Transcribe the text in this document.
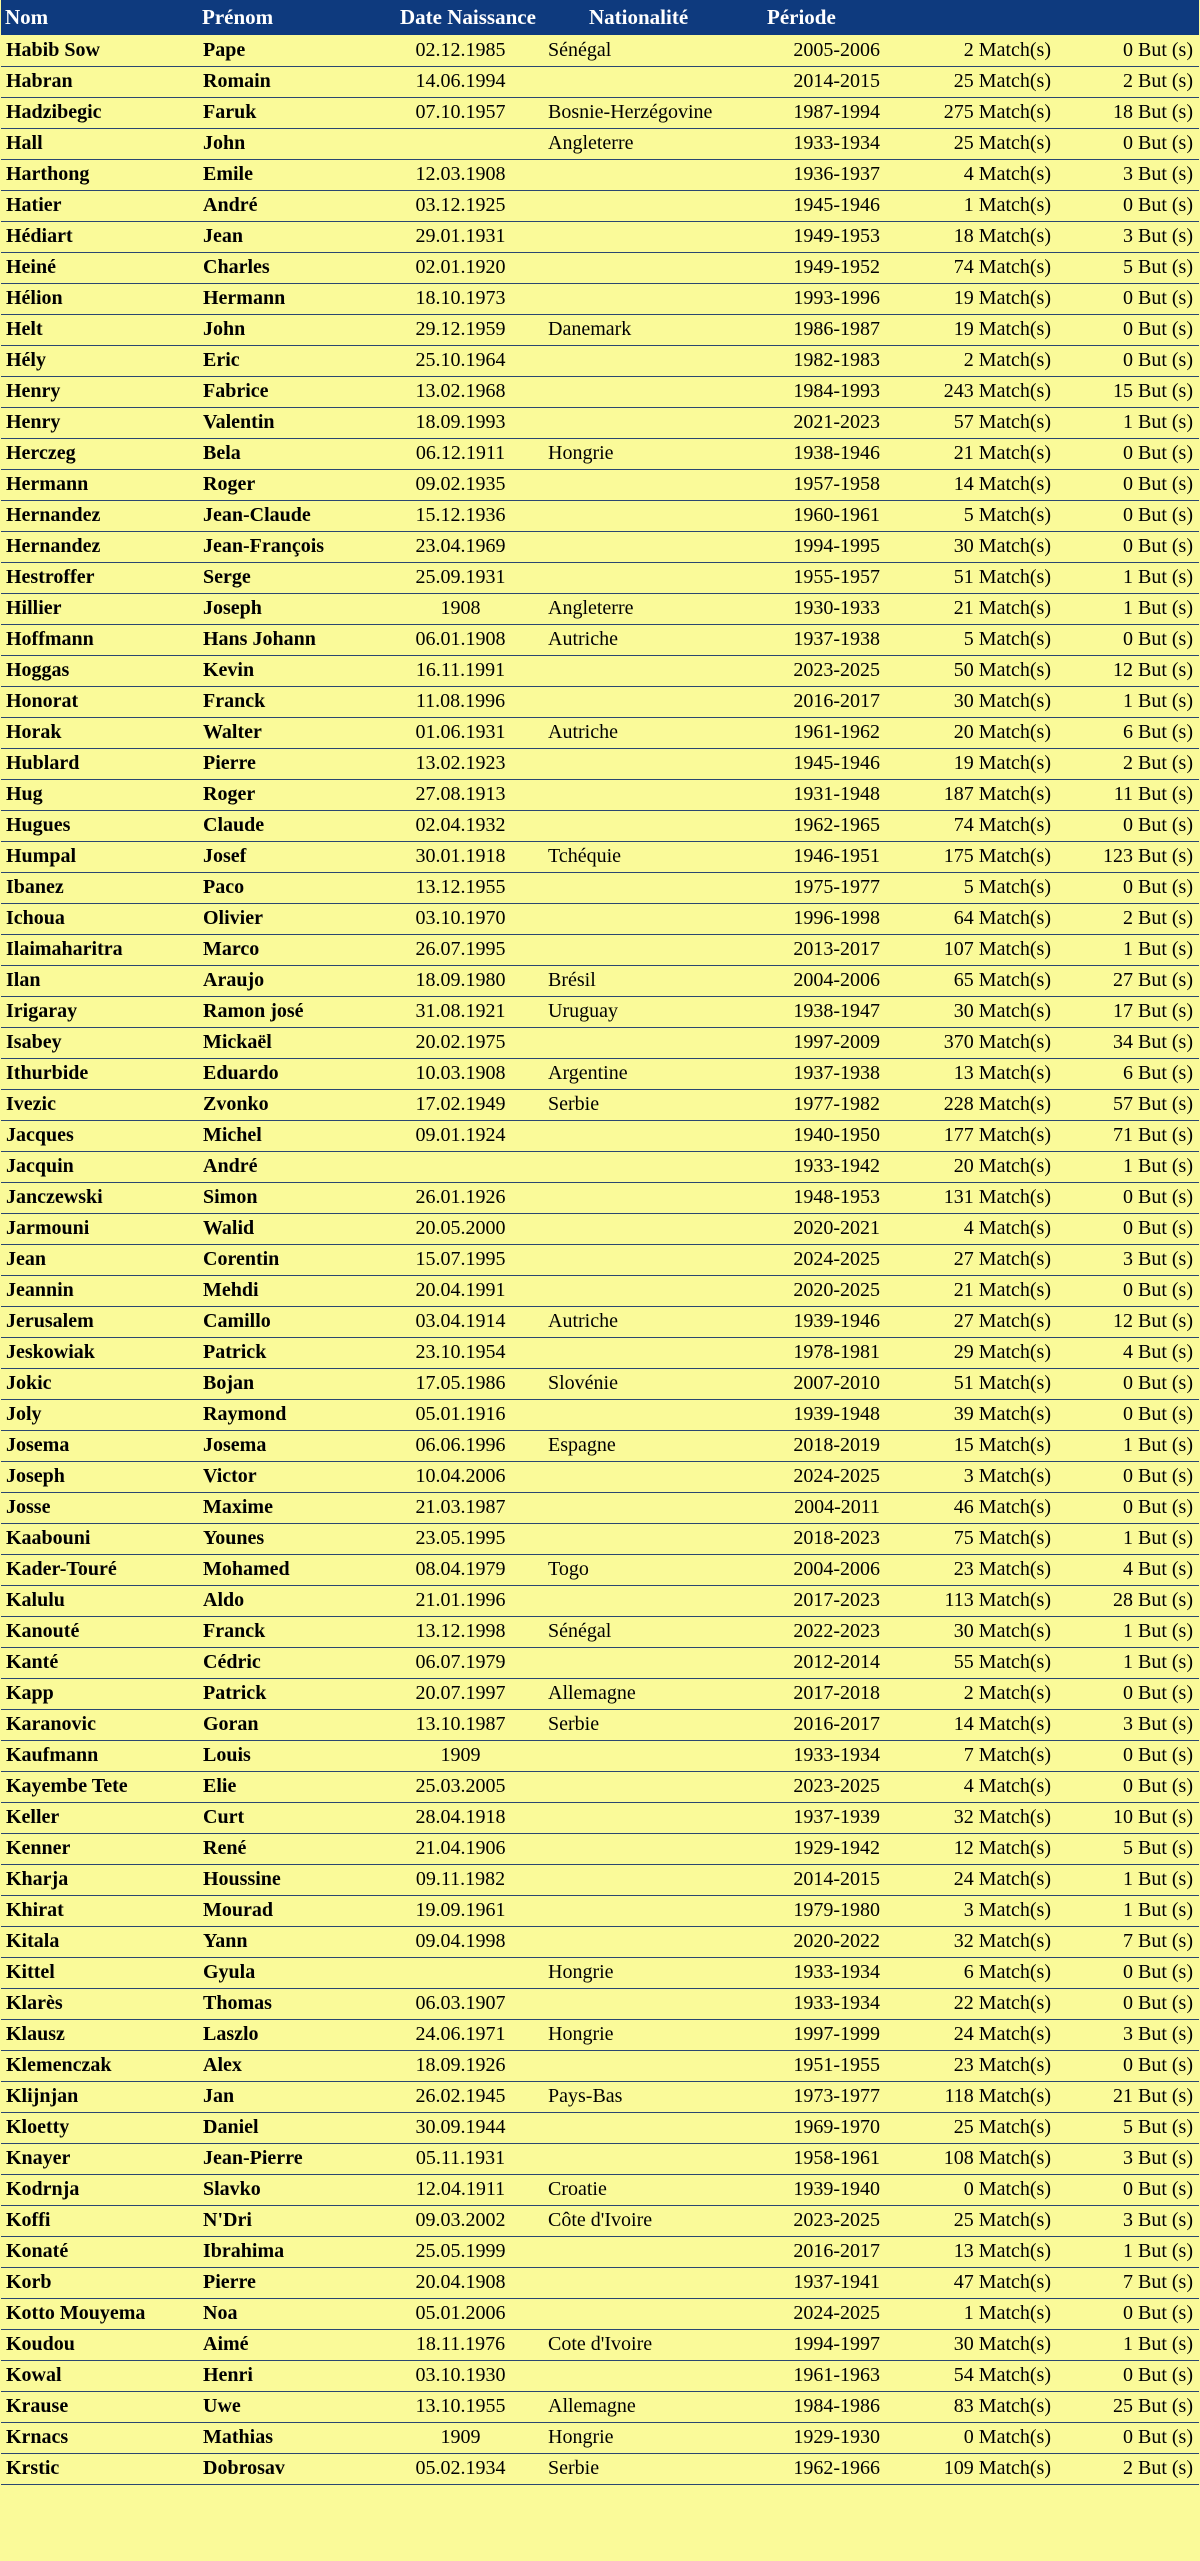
Nom	Prénom	Date Naissance	Nationalité	Période		
Habib Sow	Pape	02.12.1985	Sénégal	2005-2006	2 Match(s)	0 But (s)
Habran	Romain	14.06.1994		2014-2015	25 Match(s)	2 But (s)
Hadzibegic	Faruk	07.10.1957	Bosnie-Herzégovine	1987-1994	275 Match(s)	18 But (s)
Hall	John		Angleterre	1933-1934	25 Match(s)	0 But (s)
Harthong	Emile	12.03.1908		1936-1937	4 Match(s)	3 But (s)
Hatier	André	03.12.1925		1945-1946	1 Match(s)	0 But (s)
Hédiart	Jean	29.01.1931		1949-1953	18 Match(s)	3 But (s)
Heiné	Charles	02.01.1920		1949-1952	74 Match(s)	5 But (s)
Hélion	Hermann	18.10.1973		1993-1996	19 Match(s)	0 But (s)
Helt	John	29.12.1959	Danemark	1986-1987	19 Match(s)	0 But (s)
Hély	Eric	25.10.1964		1982-1983	2 Match(s)	0 But (s)
Henry	Fabrice	13.02.1968		1984-1993	243 Match(s)	15 But (s)
Henry	Valentin	18.09.1993		2021-2023	57 Match(s)	1 But (s)
Herczeg	Bela	06.12.1911	Hongrie	1938-1946	21 Match(s)	0 But (s)
Hermann	Roger	09.02.1935		1957-1958	14 Match(s)	0 But (s)
Hernandez	Jean-Claude	15.12.1936		1960-1961	5 Match(s)	0 But (s)
Hernandez	Jean-François	23.04.1969		1994-1995	30 Match(s)	0 But (s)
Hestroffer	Serge	25.09.1931		1955-1957	51 Match(s)	1 But (s)
Hillier	Joseph	1908	Angleterre	1930-1933	21 Match(s)	1 But (s)
Hoffmann	Hans Johann	06.01.1908	Autriche	1937-1938	5 Match(s)	0 But (s)
Hoggas	Kevin	16.11.1991		2023-2025	50 Match(s)	12 But (s)
Honorat	Franck	11.08.1996		2016-2017	30 Match(s)	1 But (s)
Horak	Walter	01.06.1931	Autriche	1961-1962	20 Match(s)	6 But (s)
Hublard	Pierre	13.02.1923		1945-1946	19 Match(s)	2 But (s)
Hug	Roger	27.08.1913		1931-1948	187 Match(s)	11 But (s)
Hugues	Claude	02.04.1932		1962-1965	74 Match(s)	0 But (s)
Humpal	Josef	30.01.1918	Tchéquie	1946-1951	175 Match(s)	123 But (s)
Ibanez	Paco	13.12.1955		1975-1977	5 Match(s)	0 But (s)
Ichoua	Olivier	03.10.1970		1996-1998	64 Match(s)	2 But (s)
Ilaimaharitra	Marco	26.07.1995		2013-2017	107 Match(s)	1 But (s)
Ilan	Araujo	18.09.1980	Brésil	2004-2006	65 Match(s)	27 But (s)
Irigaray	Ramon josé	31.08.1921	Uruguay	1938-1947	30 Match(s)	17 But (s)
Isabey	Mickaël	20.02.1975		1997-2009	370 Match(s)	34 But (s)
Ithurbide	Eduardo	10.03.1908	Argentine	1937-1938	13 Match(s)	6 But (s)
Ivezic	Zvonko	17.02.1949	Serbie	1977-1982	228 Match(s)	57 But (s)
Jacques	Michel	09.01.1924		1940-1950	177 Match(s)	71 But (s)
Jacquin	André			1933-1942	20 Match(s)	1 But (s)
Janczewski	Simon	26.01.1926		1948-1953	131 Match(s)	0 But (s)
Jarmouni	Walid	20.05.2000		2020-2021	4 Match(s)	0 But (s)
Jean	Corentin	15.07.1995		2024-2025	27 Match(s)	3 But (s)
Jeannin	Mehdi	20.04.1991		2020-2025	21 Match(s)	0 But (s)
Jerusalem	Camillo	03.04.1914	Autriche	1939-1946	27 Match(s)	12 But (s)
Jeskowiak	Patrick	23.10.1954		1978-1981	29 Match(s)	4 But (s)
Jokic	Bojan	17.05.1986	Slovénie	2007-2010	51 Match(s)	0 But (s)
Joly	Raymond	05.01.1916		1939-1948	39 Match(s)	0 But (s)
Josema	Josema	06.06.1996	Espagne	2018-2019	15 Match(s)	1 But (s)
Joseph	Victor	10.04.2006		2024-2025	3 Match(s)	0 But (s)
Josse	Maxime	21.03.1987		2004-2011	46 Match(s)	0 But (s)
Kaabouni	Younes	23.05.1995		2018-2023	75 Match(s)	1 But (s)
Kader-Touré	Mohamed	08.04.1979	Togo	2004-2006	23 Match(s)	4 But (s)
Kalulu	Aldo	21.01.1996		2017-2023	113 Match(s)	28 But (s)
Kanouté	Franck	13.12.1998	Sénégal	2022-2023	30 Match(s)	1 But (s)
Kanté	Cédric	06.07.1979		2012-2014	55 Match(s)	1 But (s)
Kapp	Patrick	20.07.1997	Allemagne	2017-2018	2 Match(s)	0 But (s)
Karanovic	Goran	13.10.1987	Serbie	2016-2017	14 Match(s)	3 But (s)
Kaufmann	Louis	1909		1933-1934	7 Match(s)	0 But (s)
Kayembe Tete	Elie	25.03.2005		2023-2025	4 Match(s)	0 But (s)
Keller	Curt	28.04.1918		1937-1939	32 Match(s)	10 But (s)
Kenner	René	21.04.1906		1929-1942	12 Match(s)	5 But (s)
Kharja	Houssine	09.11.1982		2014-2015	24 Match(s)	1 But (s)
Khirat	Mourad	19.09.1961		1979-1980	3 Match(s)	1 But (s)
Kitala	Yann	09.04.1998		2020-2022	32 Match(s)	7 But (s)
Kittel	Gyula		Hongrie	1933-1934	6 Match(s)	0 But (s)
Klarès	Thomas	06.03.1907		1933-1934	22 Match(s)	0 But (s)
Klausz	Laszlo	24.06.1971	Hongrie	1997-1999	24 Match(s)	3 But (s)
Klemenczak	Alex	18.09.1926		1951-1955	23 Match(s)	0 But (s)
Klijnjan	Jan	26.02.1945	Pays-Bas	1973-1977	118 Match(s)	21 But (s)
Kloetty	Daniel	30.09.1944		1969-1970	25 Match(s)	5 But (s)
Knayer	Jean-Pierre	05.11.1931		1958-1961	108 Match(s)	3 But (s)
Kodrnja	Slavko	12.04.1911	Croatie	1939-1940	0 Match(s)	0 But (s)
Koffi	N'Dri	09.03.2002	Côte d'Ivoire	2023-2025	25 Match(s)	3 But (s)
Konaté	Ibrahima	25.05.1999		2016-2017	13 Match(s)	1 But (s)
Korb	Pierre	20.04.1908		1937-1941	47 Match(s)	7 But (s)
Kotto Mouyema	Noa	05.01.2006		2024-2025	1 Match(s)	0 But (s)
Koudou	Aimé	18.11.1976	Cote d'Ivoire	1994-1997	30 Match(s)	1 But (s)
Kowal	Henri	03.10.1930		1961-1963	54 Match(s)	0 But (s)
Krause	Uwe	13.10.1955	Allemagne	1984-1986	83 Match(s)	25 But (s)
Krnacs	Mathias	1909	Hongrie	1929-1930	0 Match(s)	0 But (s)
Krstic	Dobrosav	05.02.1934	Serbie	1962-1966	109 Match(s)	2 But (s)
